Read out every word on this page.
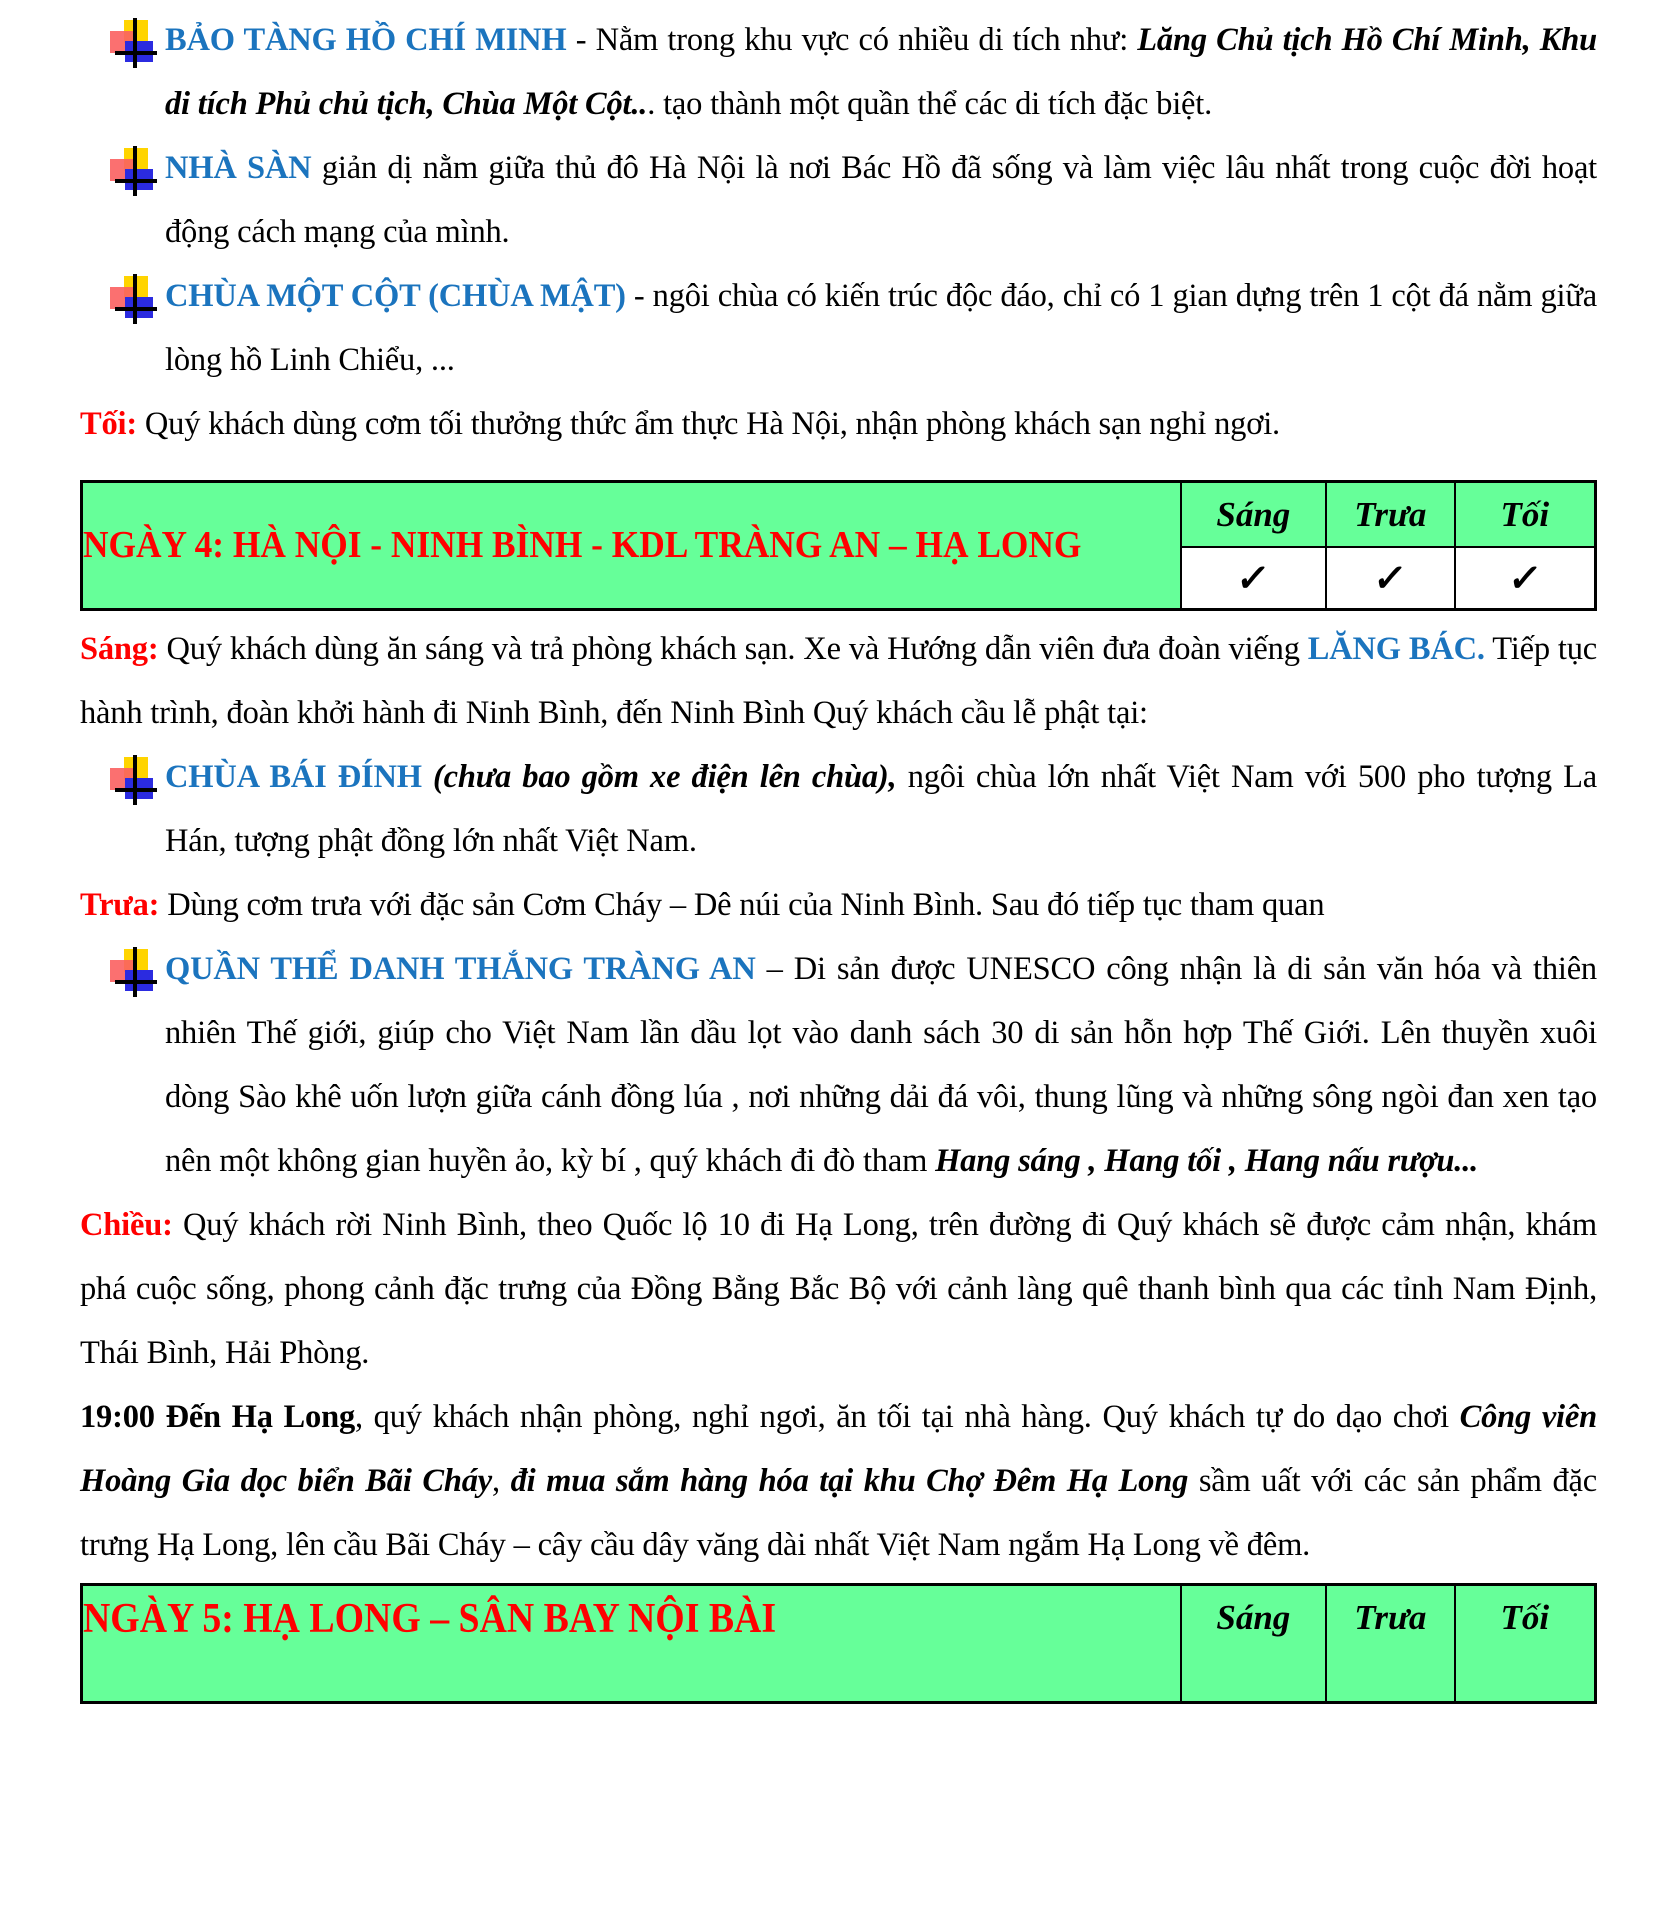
BẢO TÀNG HỒ CHÍ MINH - Nằm trong khu vực có nhiều di tích như: Lăng Chủ tịch Hồ Chí Minh, Khu di tích Phủ chủ tịch, Chùa Một Cột... tạo thành một quần thể các di tích đặc biệt.

NHÀ SÀN giản dị nằm giữa thủ đô Hà Nội là nơi Bác Hồ đã sống và làm việc lâu nhất trong cuộc đời hoạt động cách mạng của mình.

CHÙA MỘT CỘT (CHÙA MẬT) - ngôi chùa có kiến trúc độc đáo, chỉ có 1 gian dựng trên 1 cột đá nằm giữa lòng hồ Linh Chiểu, ...

Tối: Quý khách dùng cơm tối thưởng thức ẩm thực Hà Nội, nhận phòng khách sạn nghỉ ngơi.

NGÀY 4: HÀ NỘI - NINH BÌNH - KDL TRÀNG AN – HẠ LONG	Sáng	Trưa	Tối
	✓	✓	✓

Sáng: Quý khách dùng ăn sáng và trả phòng khách sạn. Xe và Hướng dẫn viên đưa đoàn viếng LĂNG BÁC. Tiếp tục hành trình, đoàn khởi hành đi Ninh Bình, đến Ninh Bình Quý khách cầu lễ phật tại:

CHÙA BÁI ĐÍNH (chưa bao gồm xe điện lên chùa), ngôi chùa lớn nhất Việt Nam với 500 pho tượng La Hán, tượng phật đồng lớn nhất Việt Nam.

Trưa: Dùng cơm trưa với đặc sản Cơm Cháy – Dê núi của Ninh Bình. Sau đó tiếp tục tham quan

QUẦN THỂ DANH THẮNG TRÀNG AN – Di sản được UNESCO công nhận là di sản văn hóa và thiên nhiên Thế giới, giúp cho Việt Nam lần dầu lọt vào danh sách 30 di sản hỗn hợp Thế Giới. Lên thuyền xuôi dòng Sào khê uốn lượn giữa cánh đồng lúa , nơi những dải đá vôi, thung lũng và những sông ngòi đan xen tạo nên một không gian huyền ảo, kỳ bí , quý khách đi đò tham Hang sáng , Hang tối , Hang nấu rượu...

Chiều: Quý khách rời Ninh Bình, theo Quốc lộ 10 đi Hạ Long, trên đường đi Quý khách sẽ được cảm nhận, khám phá cuộc sống, phong cảnh đặc trưng của Đồng Bằng Bắc Bộ với cảnh làng quê thanh bình qua các tỉnh Nam Định, Thái Bình, Hải Phòng.

19:00 Đến Hạ Long, quý khách nhận phòng, nghỉ ngơi, ăn tối tại nhà hàng. Quý khách tự do dạo chơi Công viên Hoàng Gia dọc biển Bãi Cháy, đi mua sắm hàng hóa tại khu Chợ Đêm Hạ Long sầm uất với các sản phẩm đặc trưng Hạ Long, lên cầu Bãi Cháy – cây cầu dây văng dài nhất Việt Nam ngắm Hạ Long về đêm.

NGÀY 5: HẠ LONG – SÂN BAY NỘI BÀI	Sáng	Trưa	Tối
